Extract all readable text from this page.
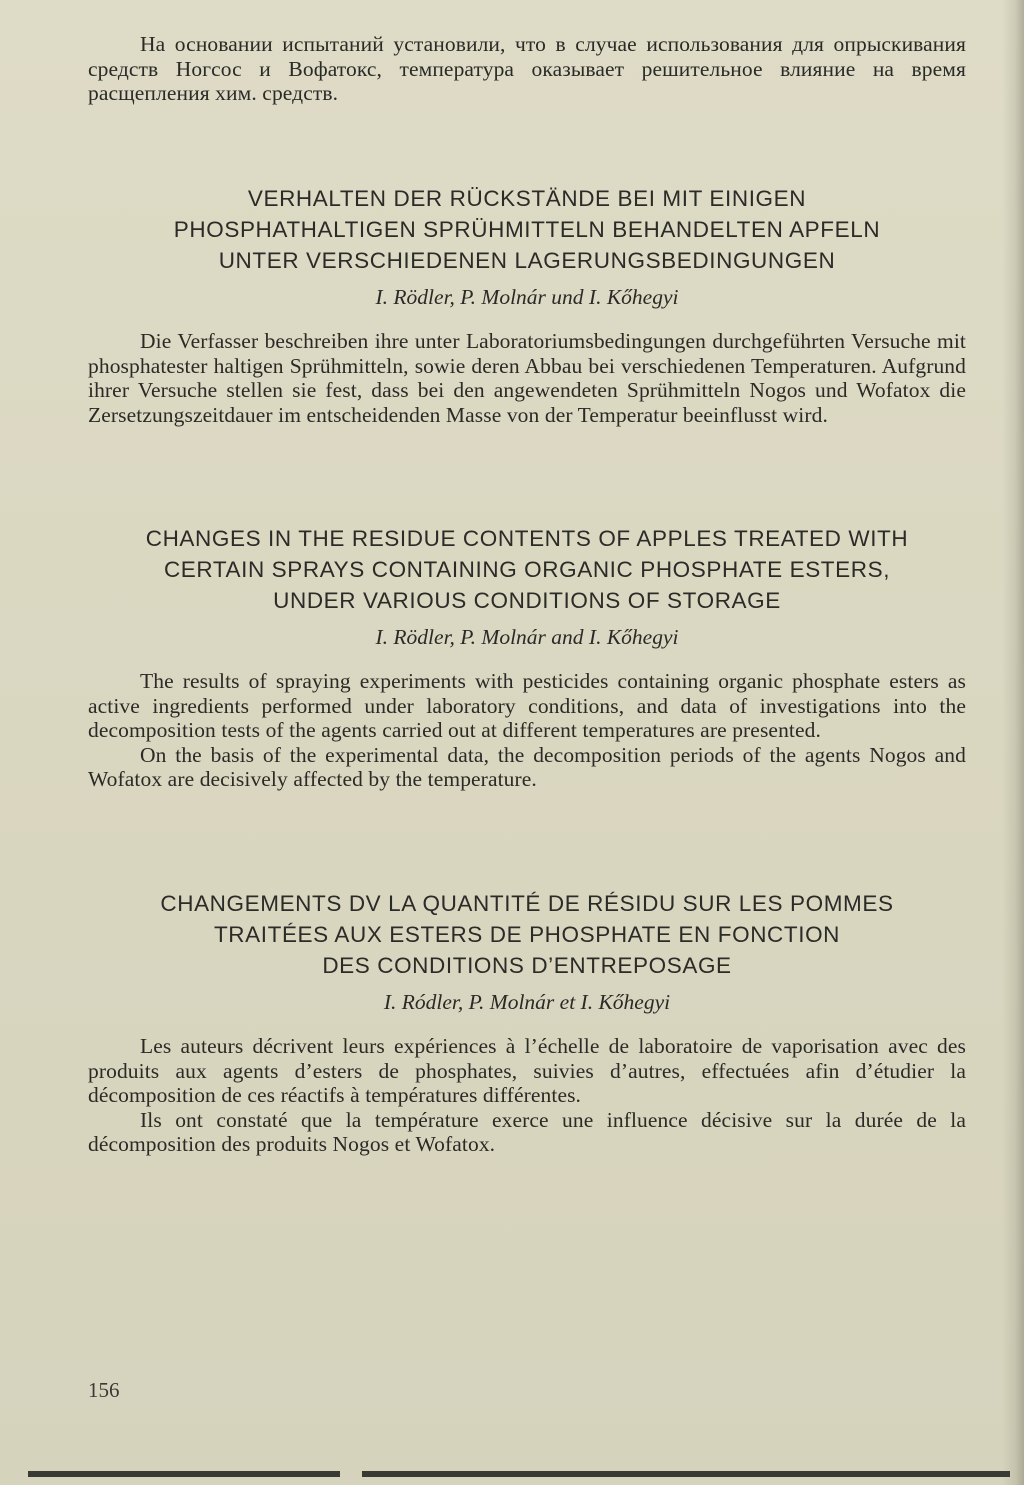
На основании испытаний установили, что в случае использования для опрыскивания средств Ногсос и Вофатокс, температура оказывает решительное влияние на время расщепления хим. средств.

VERHALTEN DER RÜCKSTÄNDE BEI MIT EINIGEN

PHOSPHATHALTIGEN SPRÜHMITTELN BEHANDELTEN APFELN

UNTER VERSCHIEDENEN LAGERUNGSBEDINGUNGEN

I. Rödler, P. Molnár und I. Kőhegyi

Die Verfasser beschreiben ihre unter Laboratoriumsbedingungen durchgeführten Versuche mit phosphatester haltigen Sprühmitteln, sowie deren Abbau bei verschiedenen Temperaturen. Aufgrund ihrer Versuche stellen sie fest, dass bei den angewendeten Sprühmitteln Nogos und Wofatox die Zersetzungszeitdauer im entscheidenden Masse von der Temperatur beeinflusst wird.

CHANGES IN THE RESIDUE CONTENTS OF APPLES TREATED WITH

CERTAIN SPRAYS CONTAINING ORGANIC PHOSPHATE ESTERS,

UNDER VARIOUS CONDITIONS OF STORAGE

I. Rödler, P. Molnár and I. Kőhegyi

The results of spraying experiments with pesticides containing organic phosphate esters as active ingredients performed under laboratory conditions, and data of investigations into the decomposition tests of the agents carried out at different temperatures are presented.

On the basis of the experimental data, the decomposition periods of the agents Nogos and Wofatox are decisively affected by the temperature.

CHANGEMENTS DV LA QUANTITÉ DE RÉSIDU SUR LES POMMES

TRAITÉES AUX ESTERS DE PHOSPHATE EN FONCTION

DES CONDITIONS D’ENTREPOSAGE

I. Ródler, P. Molnár et I. Kőhegyi

Les auteurs décrivent leurs expériences à l’échelle de laboratoire de vaporisation avec des produits aux agents d’esters de phosphates, suivies d’autres, effectuées afin d’étudier la décomposition de ces réactifs à températures différentes.

Ils ont constaté que la température exerce une influence décisive sur la durée de la décomposition des produits Nogos et Wofatox.

156
